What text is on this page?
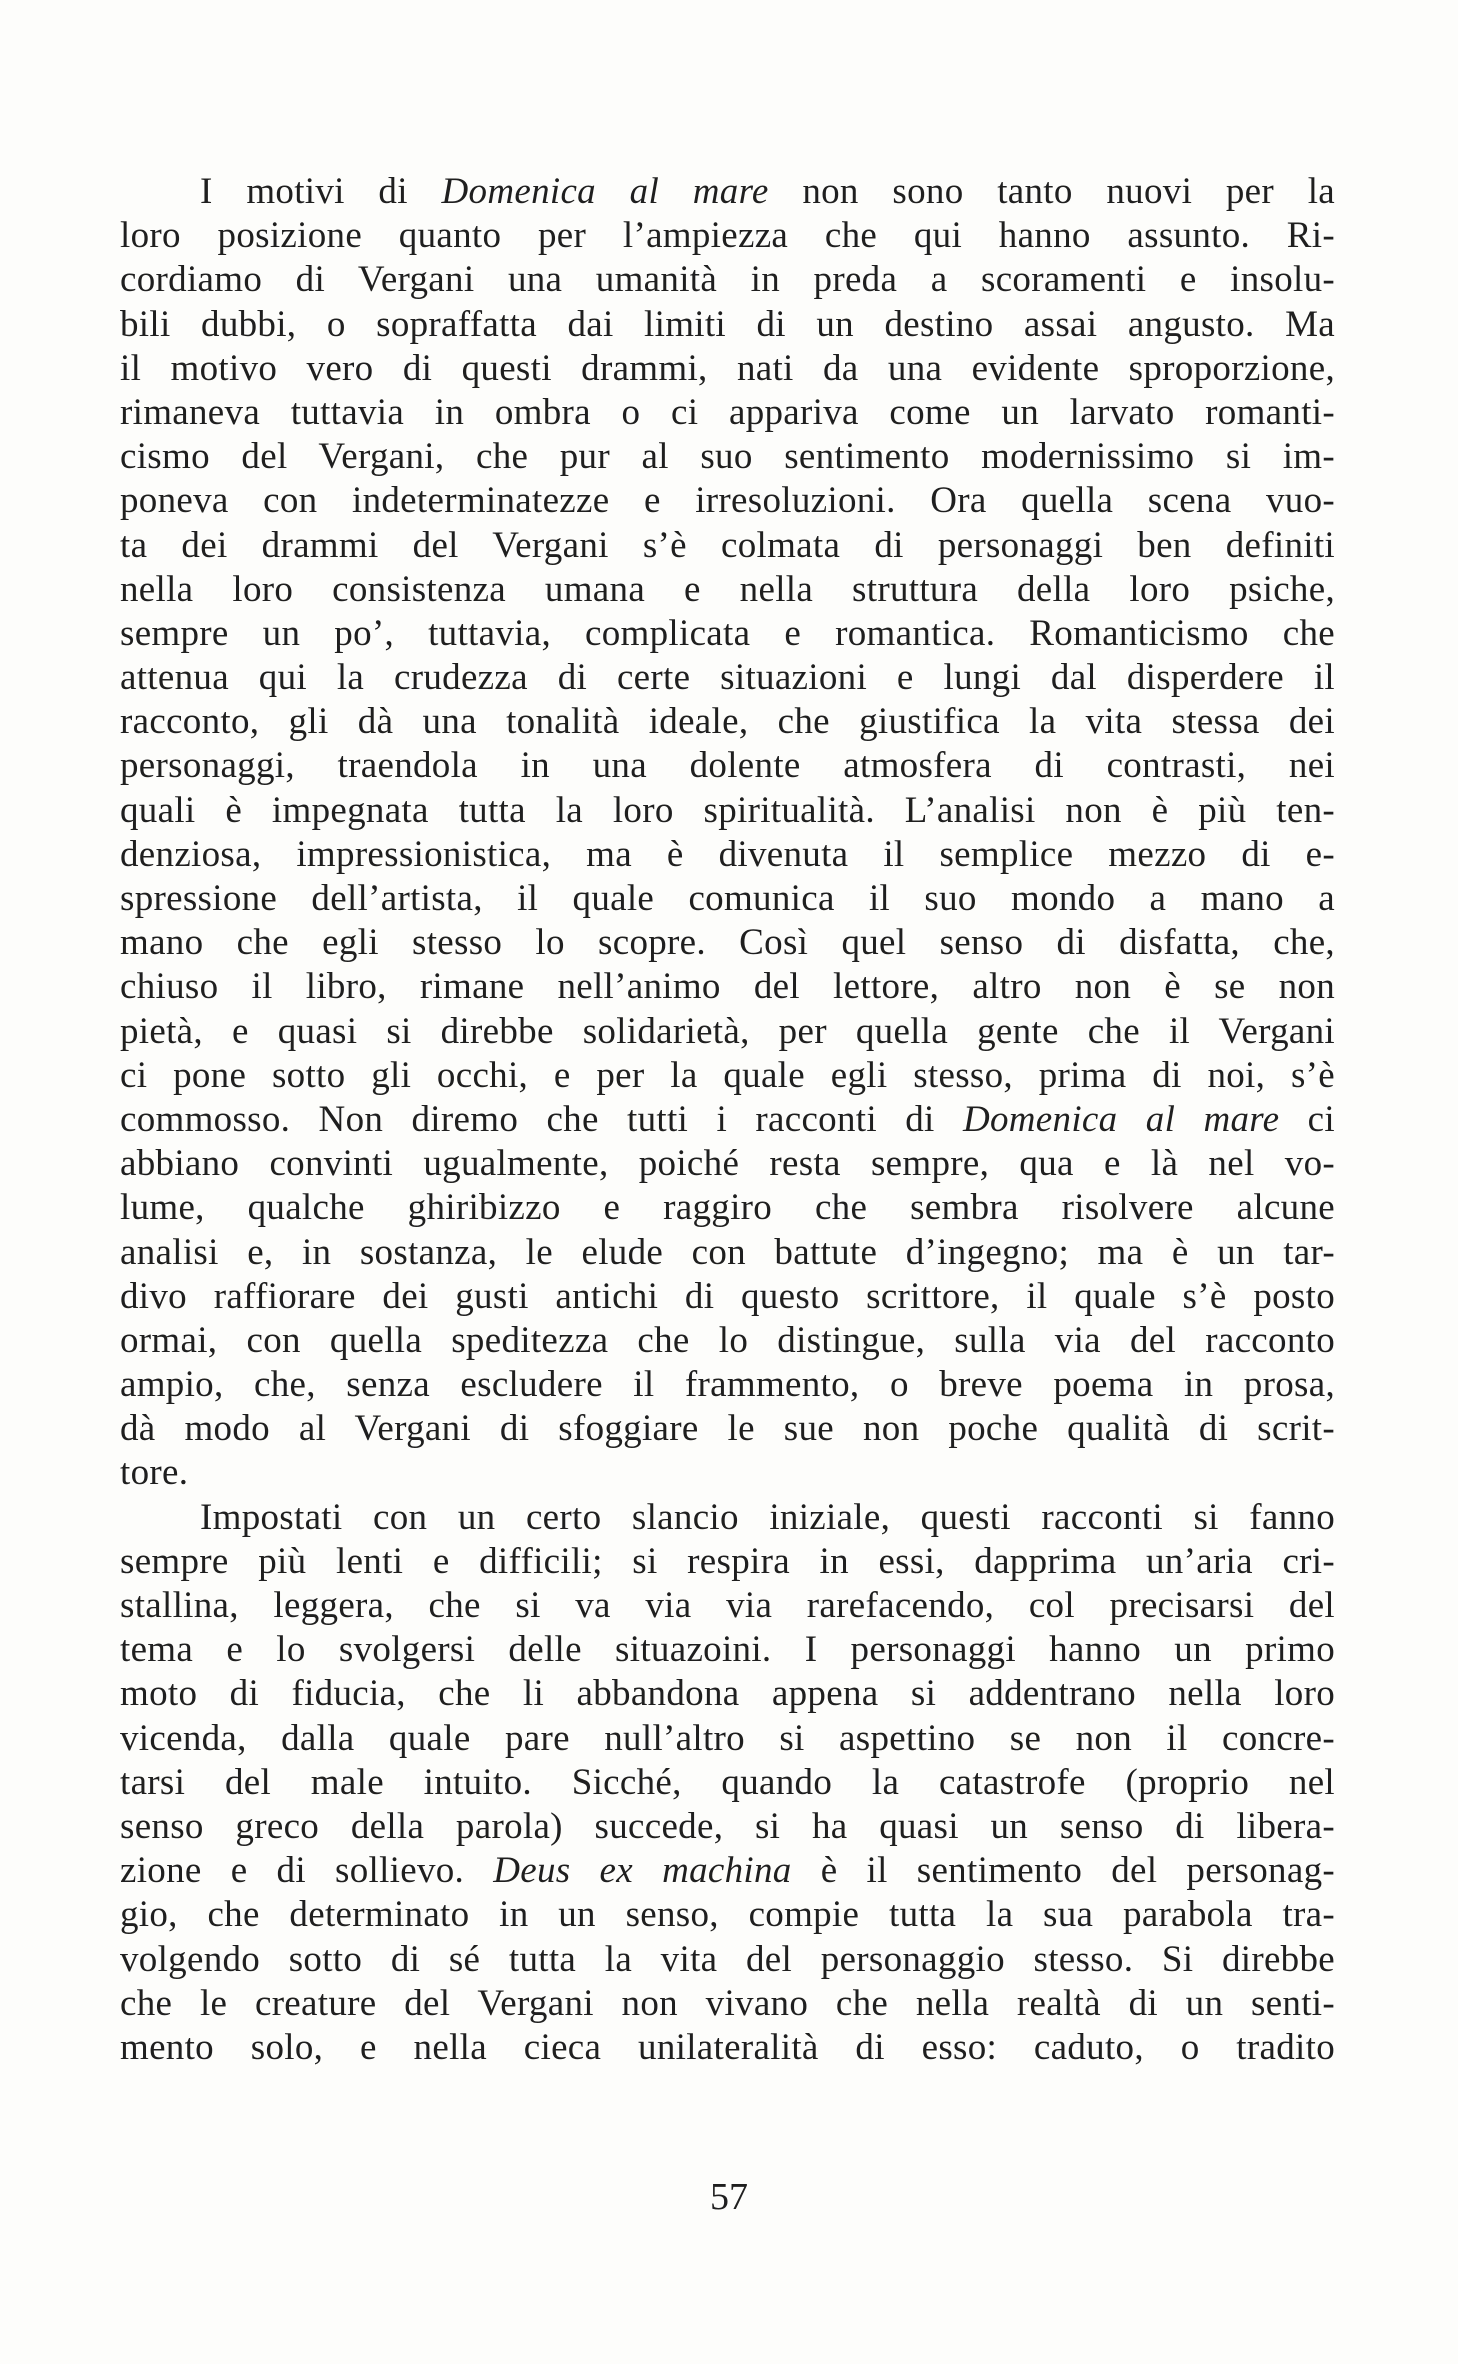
I motivi di Domenica al mare non sono tanto nuovi per la
loro posizione quanto per l’ampiezza che qui hanno assunto. Ri-
cordiamo di Vergani una umanità in preda a scoramenti e insolu-
bili dubbi, o sopraffatta dai limiti di un destino assai angusto. Ma
il motivo vero di questi drammi, nati da una evidente sproporzione,
rimaneva tuttavia in ombra o ci appariva come un larvato romanti-
cismo del Vergani, che pur al suo sentimento modernissimo si im-
poneva con indeterminatezze e irresoluzioni. Ora quella scena vuo-
ta dei drammi del Vergani s’è colmata di personaggi ben definiti
nella loro consistenza umana e nella struttura della loro psiche,
sempre un po’, tuttavia, complicata e romantica. Romanticismo che
attenua qui la crudezza di certe situazioni e lungi dal disperdere il
racconto, gli dà una tonalità ideale, che giustifica la vita stessa dei
personaggi, traendola in una dolente atmosfera di contrasti, nei
quali è impegnata tutta la loro spiritualità. L’analisi non è più ten-
denziosa, impressionistica, ma è divenuta il semplice mezzo di e-
spressione dell’artista, il quale comunica il suo mondo a mano a
mano che egli stesso lo scopre. Così quel senso di disfatta, che,
chiuso il libro, rimane nell’animo del lettore, altro non è se non
pietà, e quasi si direbbe solidarietà, per quella gente che il Vergani
ci pone sotto gli occhi, e per la quale egli stesso, prima di noi, s’è
commosso. Non diremo che tutti i racconti di Domenica al mare ci
abbiano convinti ugualmente, poiché resta sempre, qua e là nel vo-
lume, qualche ghiribizzo e raggiro che sembra risolvere alcune
analisi e, in sostanza, le elude con battute d’ingegno; ma è un tar-
divo raffiorare dei gusti antichi di questo scrittore, il quale s’è posto
ormai, con quella speditezza che lo distingue, sulla via del racconto
ampio, che, senza escludere il frammento, o breve poema in prosa,
dà modo al Vergani di sfoggiare le sue non poche qualità di scrit-
tore.
Impostati con un certo slancio iniziale, questi racconti si fanno
sempre più lenti e difficili; si respira in essi, dapprima un’aria cri-
stallina, leggera, che si va via via rarefacendo, col precisarsi del
tema e lo svolgersi delle situazoini. I personaggi hanno un primo
moto di fiducia, che li abbandona appena si addentrano nella loro
vicenda, dalla quale pare null’altro si aspettino se non il concre-
tarsi del male intuito. Sicché, quando la catastrofe (proprio nel
senso greco della parola) succede, si ha quasi un senso di libera-
zione e di sollievo. Deus ex machina è il sentimento del personag-
gio, che determinato in un senso, compie tutta la sua parabola tra-
volgendo sotto di sé tutta la vita del personaggio stesso. Si direbbe
che le creature del Vergani non vivano che nella realtà di un senti-
mento solo, e nella cieca unilateralità di esso: caduto, o tradito
57
